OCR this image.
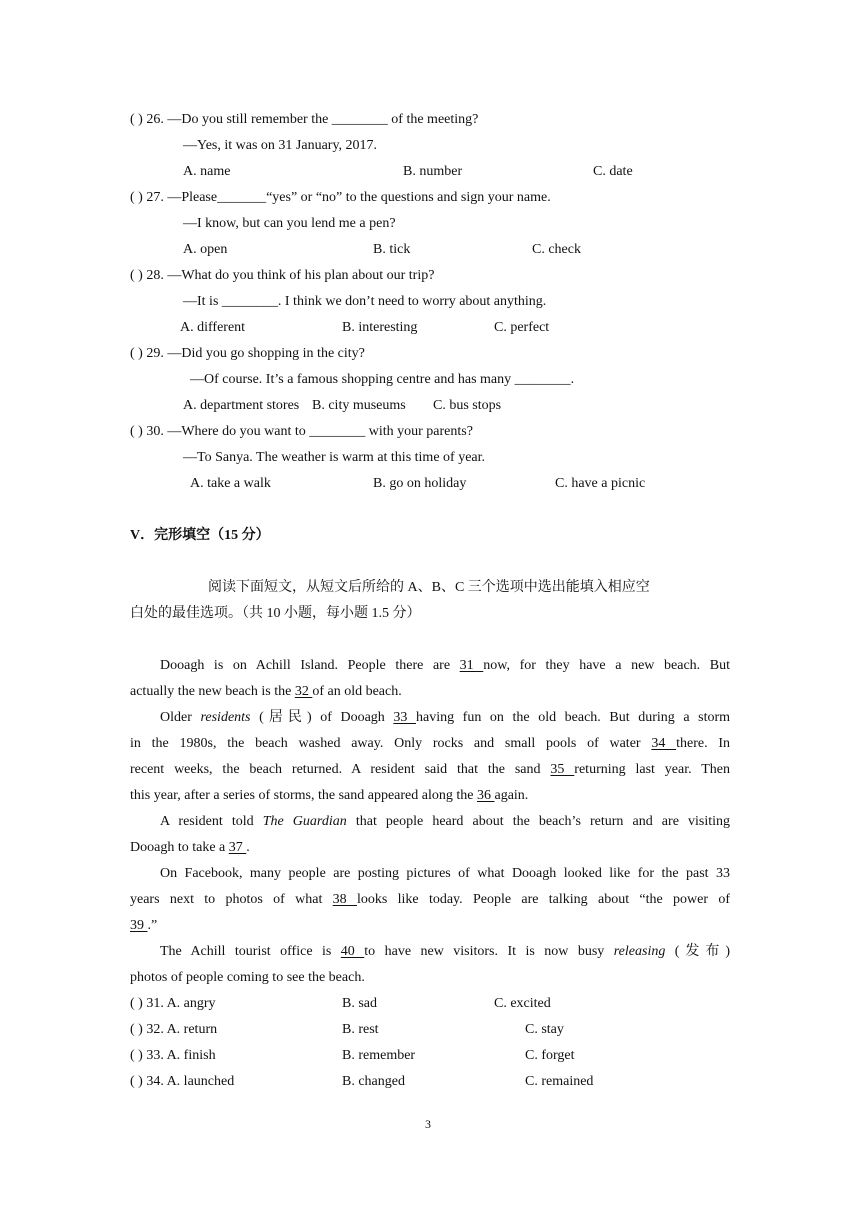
( ) 26. —Do you still remember the ________ of the meeting?
—Yes, it was on 31 January, 2017.
A. name	B. number	C. date
( ) 27. —Please_______“yes” or “no” to the questions and sign your name.
—I know, but can you lend me a pen?
A. open	B. tick	C. check
( ) 28. —What do you think of his plan about our trip?
—It is ________. I think we don’t need to worry about anything.
A. different	B. interesting	C. perfect
( ) 29. —Did you go shopping in the city?
—Of course. It’s a famous shopping centre and has many ________.
A. department stores B. city museums C. bus stops
( ) 30. —Where do you want to ________ with your parents?
—To Sanya. The weather is warm at this time of year.
A. take a walk	B. go on holiday	C. have a picnic
V．完形填空（15 分）
阅读下面短文，从短文后所给的 A、B、C 三个选项中选出能填入相应空
白处的最佳选项。（共 10 小题，每小题 1.5 分）
Dooagh is on Achill Island. People there are 31 now, for they have a new beach. But
actually the new beach is the 32 of an old beach.
Older residents (居民) of Dooagh 33 having fun on the old beach. But during a storm
in the 1980s, the beach washed away. Only rocks and small pools of water 34 there. In
recent weeks, the beach returned. A resident said that the sand 35 returning last year. Then
this year, after a series of storms, the sand appeared along the 36 again.
A resident told The Guardian that people heard about the beach’s return and are visiting
Dooagh to take a 37 .
On Facebook, many people are posting pictures of what Dooagh looked like for the past 33
years next to photos of what 38 looks like today. People are talking about “the power of
39 .”
The Achill tourist office is 40 to have new visitors. It is now busy releasing (发布)
photos of people coming to see the beach.
( ) 31. A. angry	B. sad	C. excited
( ) 32. A. return	B. rest	C. stay
( ) 33. A. finish	B. remember	C. forget
( ) 34. A. launched	B. changed	C. remained
3
